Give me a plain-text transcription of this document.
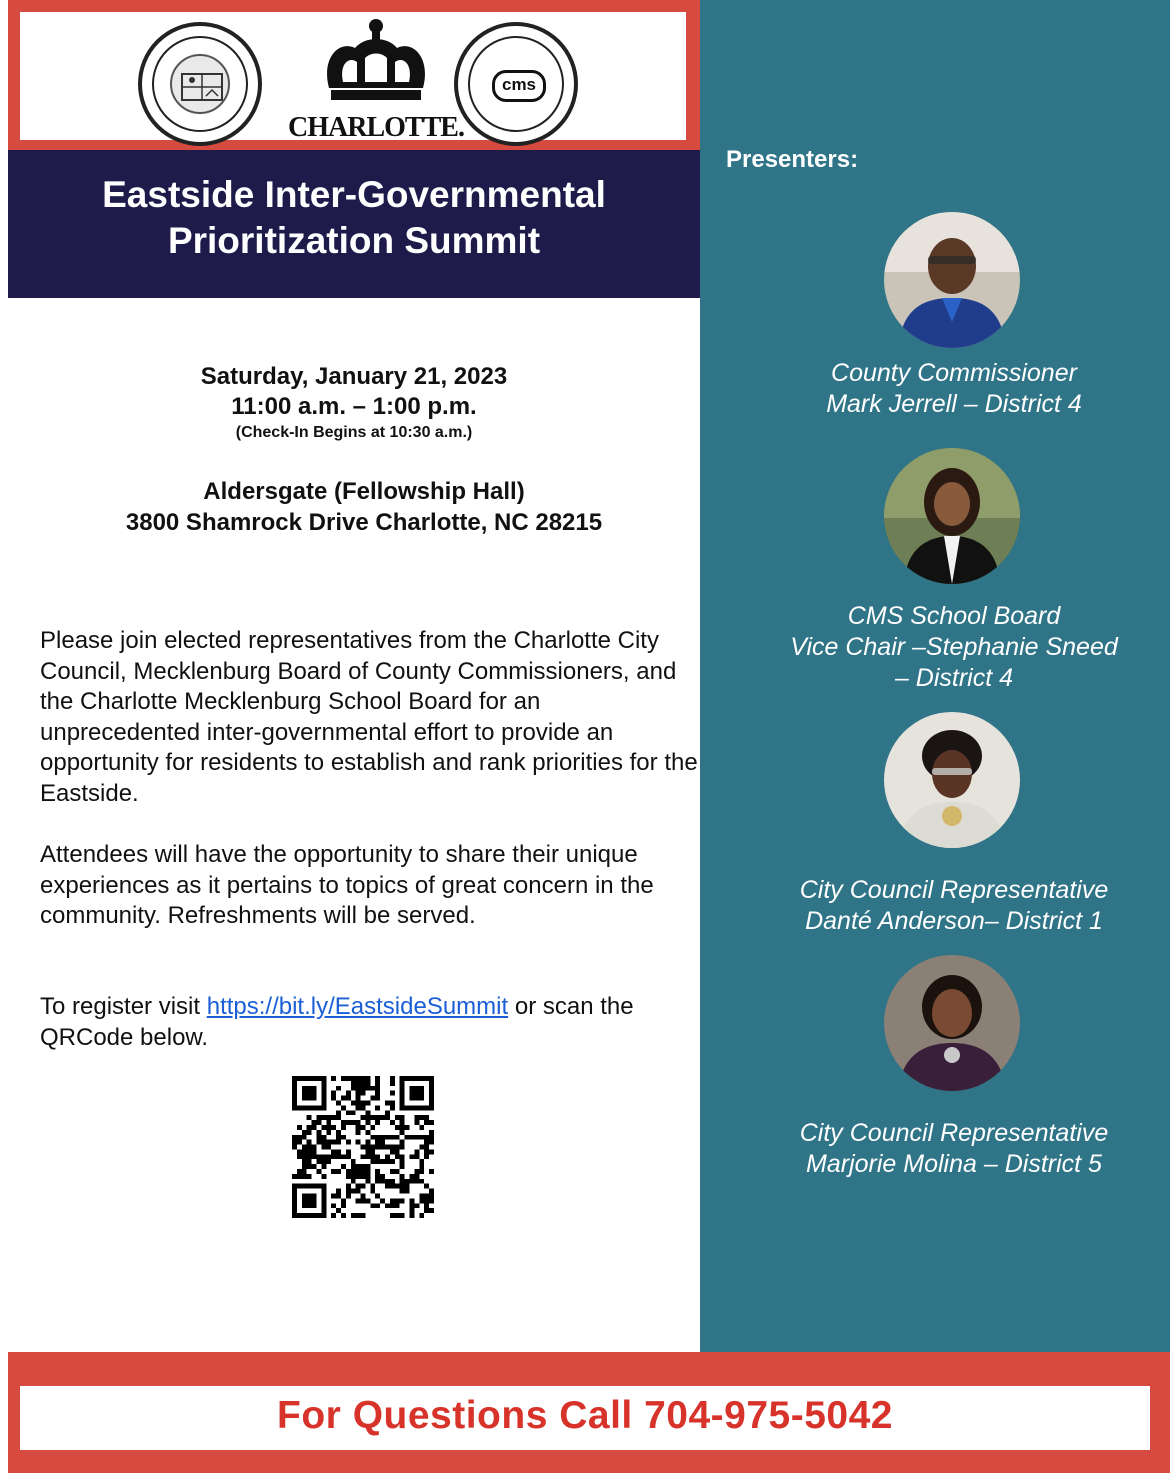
CHARLOTTE.
cms
Eastside Inter-Governmental
Prioritization Summit
Saturday, January 21, 2023
11:00 a.m. – 1:00 p.m.
(Check-In Begins at 10:30 a.m.)
Aldersgate (Fellowship Hall)
3800 Shamrock Drive Charlotte, NC 28215
Please join elected representatives from the Charlotte City Council, Mecklenburg Board of County Commissioners, and the Charlotte Mecklenburg School Board for an unprecedented inter-governmental effort to provide an opportunity for residents to establish and rank priorities for the Eastside.
Attendees will have the opportunity to share their unique experiences as it pertains to topics of great concern in the community. Refreshments will be served.
To register visit https://bit.ly/EastsideSummit or scan the QRCode below.
Presenters:
County Commissioner
Mark Jerrell – District 4
CMS School Board
Vice Chair –Stephanie Sneed
– District 4
City Council Representative
Danté Anderson– District 1
City Council Representative
Marjorie Molina – District 5
For Questions Call 704-975-5042
